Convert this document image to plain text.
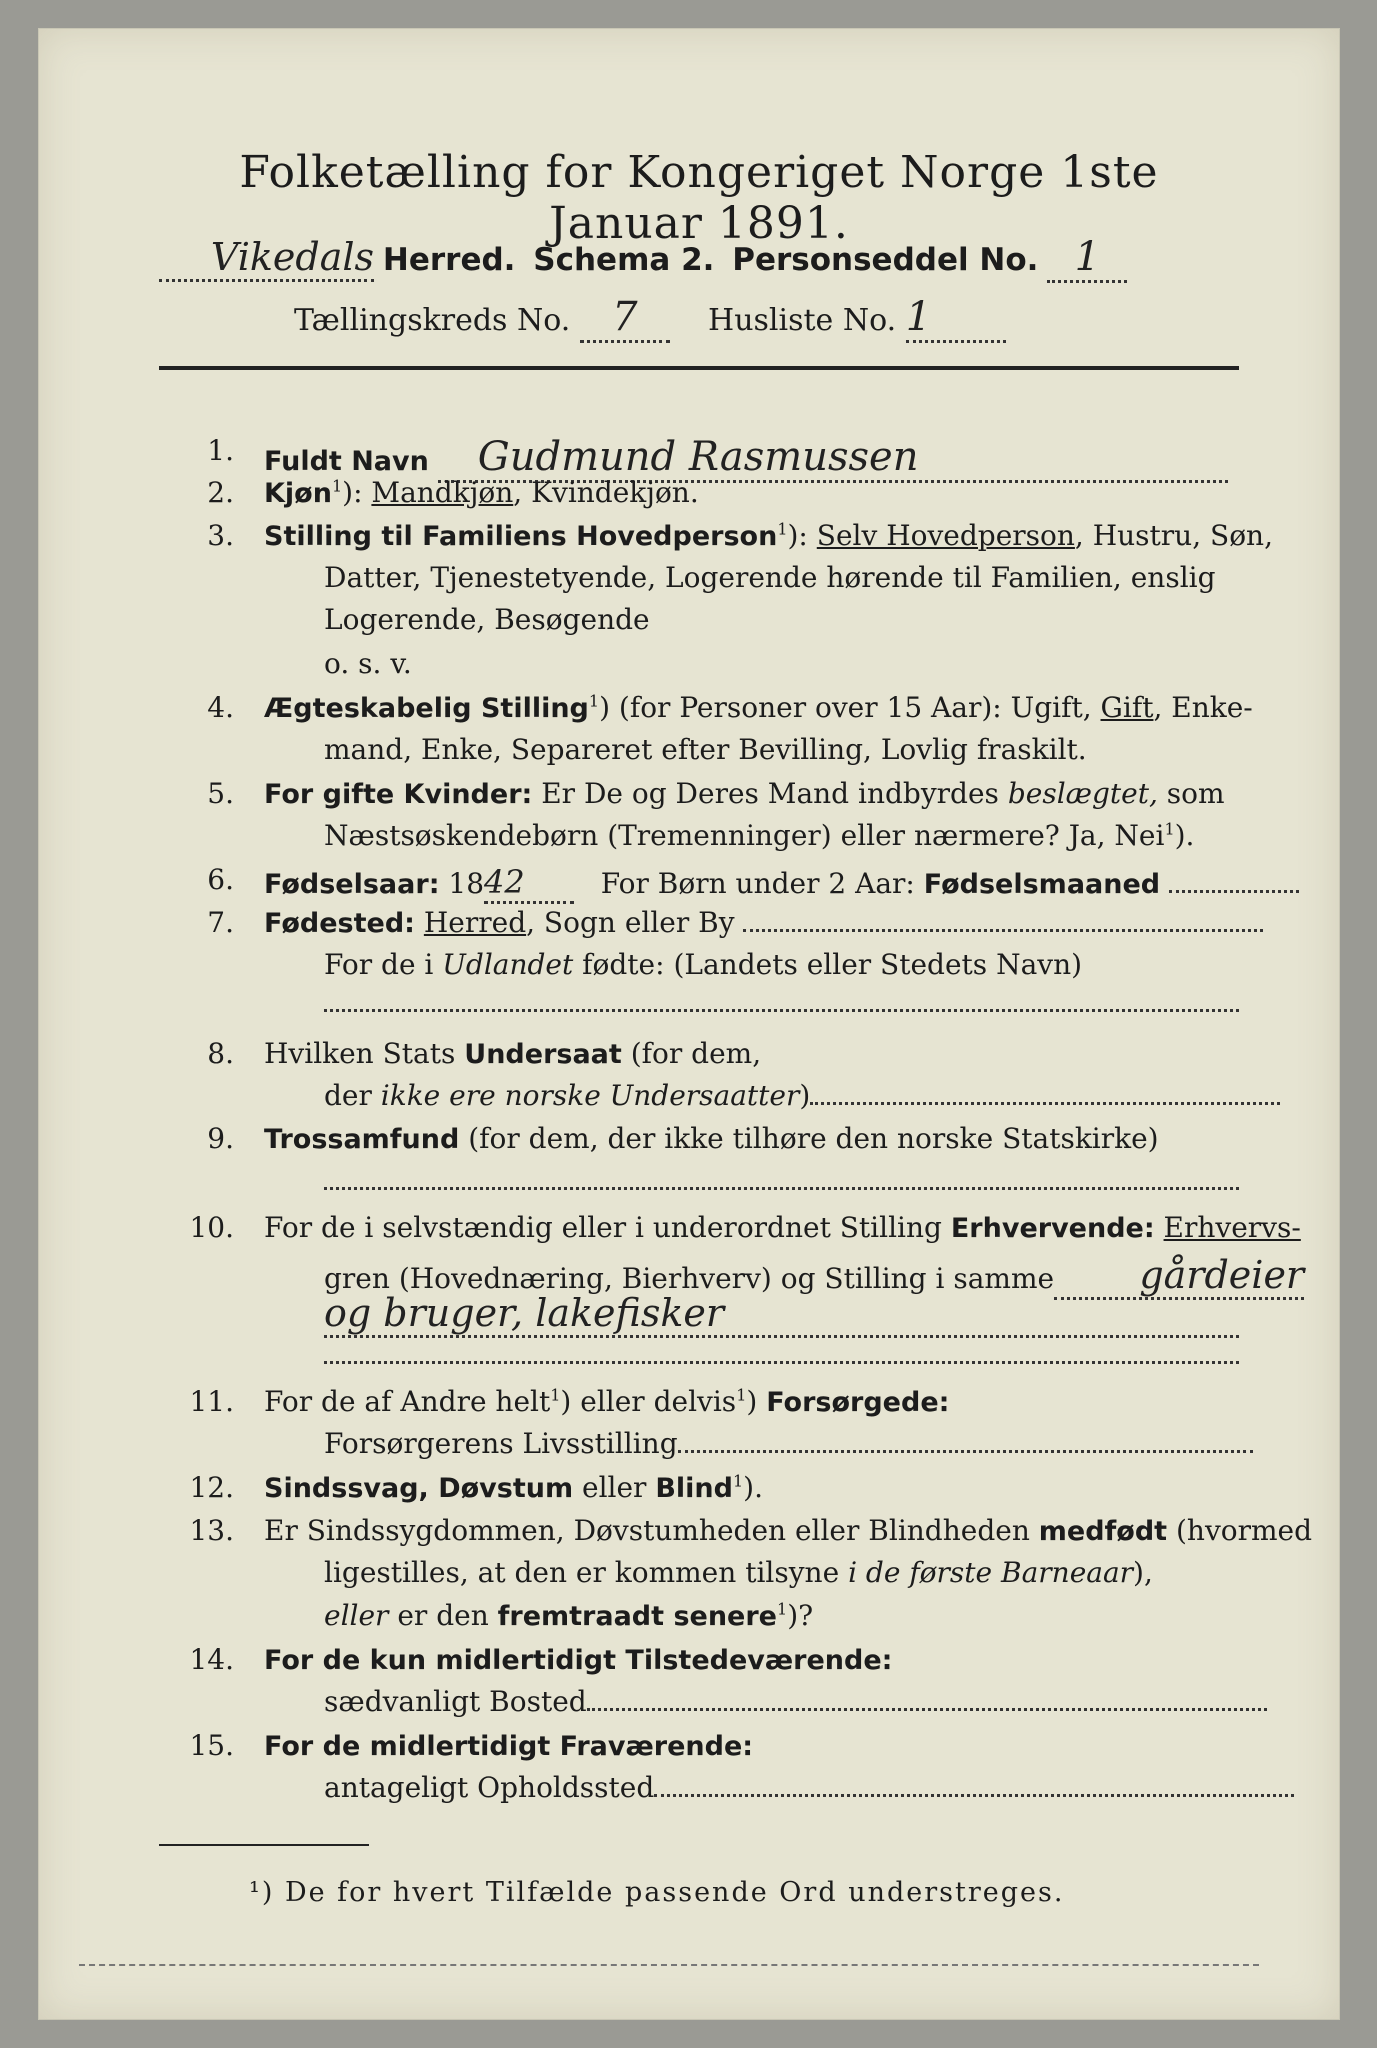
Folketælling for Kongeriget Norge 1ste Januar 1891.
Vikedals Herred. Schema 2. Personseddel No. 1
Tællingskreds No. 7 Husliste No. 1
1. Fuldt Navn Gudmund Rasmussen
2. Kjøn$^1$): Mandkjøn, Kvindekjøn.
3. Stilling til Familiens Hovedperson$^1$): Selv Hovedperson, Hustru, Søn,
Datter, Tjenestetyende, Logerende hørende til Familien, enslig
Logerende, Besøgende
o. s. v.
4. Ægteskabelig Stilling$^1$) (for Personer over 15 Aar): Ugift, Gift, Enke-
mand, Enke, Separeret efter Bevilling, Lovlig fraskilt.
5. For gifte Kvinder: Er De og Deres Mand indbyrdes beslægtet, som
Næstsøskendebørn (Tremenninger) eller nærmere? Ja, Nei$^1$).
6. Fødselsaar: 1842	For Børn under 2 Aar: Fødselsmaaned
7. Fødested: Herred, Sogn eller By
For de i Udlandet fødte: (Landets eller Stedets Navn)
8. Hvilken Stats Undersaat (for dem,
der ikke ere norske Undersaatter)
9. Trossamfund (for dem, der ikke tilhøre den norske Statskirke)
10. For de i selvstændig eller i underordnet Stilling Erhvervende: Erhvervs-
gren (Hovednæring, Bierhverv) og Stilling i samme gårdeier
og bruger, lakefisker
11. For de af Andre helt$^1$) eller delvis$^1$) Forsørgede:
Forsørgerens Livsstilling
12. Sindssvag, Døvstum eller Blind$^1$).
13. Er Sindssygdommen, Døvstumheden eller Blindheden medfødt (hvormed
ligestilles, at den er kommen tilsyne i de første Barneaar),
eller er den fremtraadt senere$^1$)?
14. For de kun midlertidigt Tilstedeværende:
sædvanligt Bosted
15. For de midlertidigt Fraværende:
antageligt Opholdssted
¹) De for hvert Tilfælde passende Ord understreges.
